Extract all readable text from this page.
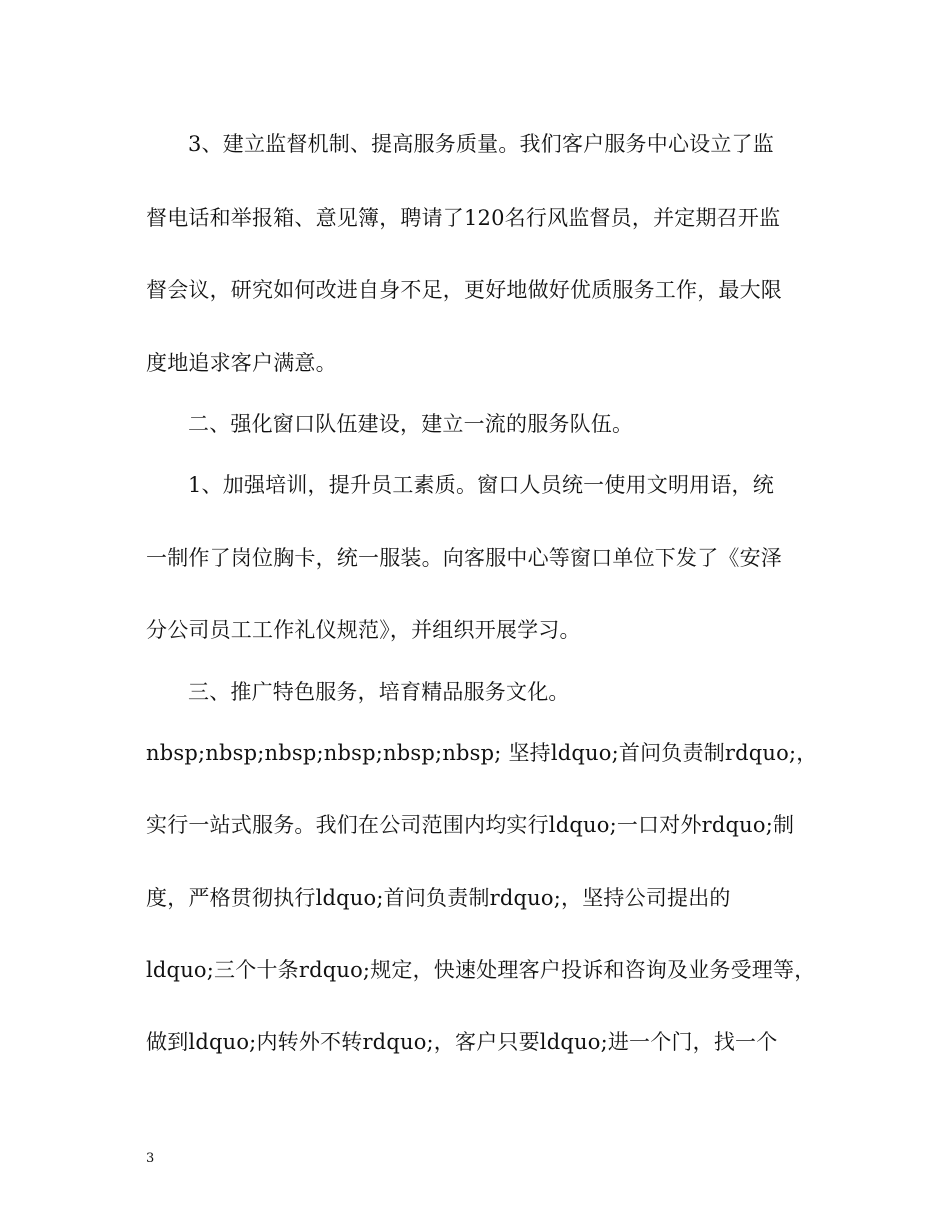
3、建立监督机制、提高服务质量。我们客户服务中心设立了监
督电话和举报箱、意见簿，聘请了120名行风监督员，并定期召开监
督会议，研究如何改进自身不足，更好地做好优质服务工作，最大限
度地追求客户满意。
二、强化窗口队伍建设，建立一流的服务队伍。
1、加强培训，提升员工素质。窗口人员统一使用文明用语，统
一制作了岗位胸卡，统一服装。向客服中心等窗口单位下发了《安泽
分公司员工工作礼仪规范》，并组织开展学习。
三、推广特色服务，培育精品服务文化。
nbsp;nbsp;nbsp;nbsp;nbsp;nbsp; 坚持ldquo;首问负责制rdquo;，
实行一站式服务。我们在公司范围内均实行ldquo;一口对外rdquo;制
度，严格贯彻执行ldquo;首问负责制rdquo;，坚持公司提出的
ldquo;三个十条rdquo;规定，快速处理客户投诉和咨询及业务受理等，
做到ldquo;内转外不转rdquo;，客户只要ldquo;进一个门，找一个
3
